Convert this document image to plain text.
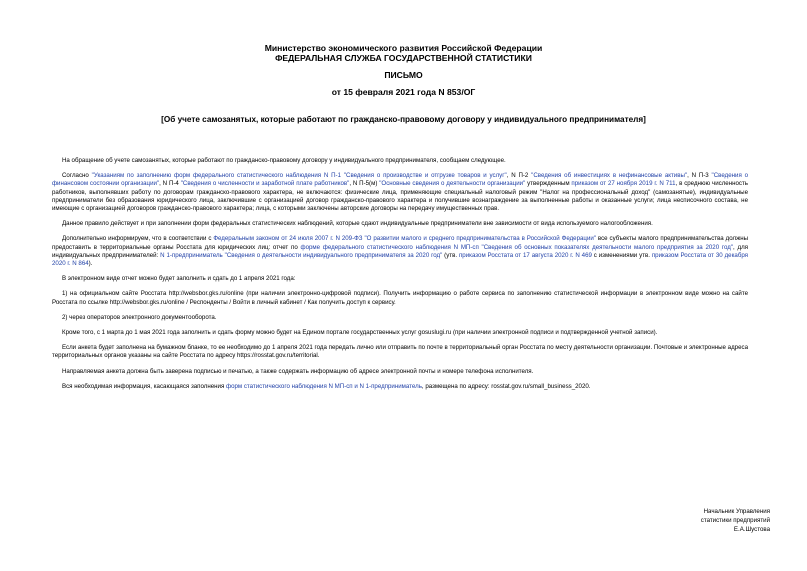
Министерство экономического развития Российской Федерации
ФЕДЕРАЛЬНАЯ СЛУЖБА ГОСУДАРСТВЕННОЙ СТАТИСТИКИ
ПИСЬМО
от 15 февраля 2021 года N 853/ОГ
[Об учете самозанятых, которые работают по гражданско-правовому договору у индивидуального предпринимателя]

На обращение об учете самозанятых, которые работают по гражданско-правовому договору у индивидуального предпринимателя, сообщаем следующее.

Согласно "Указаниям по заполнению форм федерального статистического наблюдения N П-1 "Сведения о производстве и отгрузке товаров и услуг", N П-2 "Сведения об инвестициях в нефинансовые активы", N П-3 "Сведения о финансовом состоянии организации", N П-4 "Сведения о численности и заработной плате работников", N П-5(м) "Основные сведения о деятельности организации" утвержденным приказом от 27 ноября 2019 г. N 711, в среднюю численность работников, выполнявших работу по договорам гражданско-правового характера, не включаются: физические лица, применяющие специальный налоговый режим "Налог на профессиональный доход" (самозанятые), индивидуальные предприниматели без образования юридического лица, заключившие с организацией договор гражданско-правового характера и получившие вознаграждение за выполненные работы и оказанные услуги; лица несписочного состава, не имеющие с организацией договоров гражданско-правового характера; лица, с которыми заключены авторские договоры на передачу имущественных прав.

Данное правило действует и при заполнении форм федеральных статистических наблюдений, которые сдают индивидуальные предприниматели вне зависимости от вида используемого налогообложения.

Дополнительно информируем, что в соответствии с Федеральным законом от 24 июля 2007 г. N 209-ФЗ "О развитии малого и среднего предпринимательства в Российской Федерации" все субъекты малого предпринимательства должны предоставить в территориальные органы Росстата для юридических лиц: отчет по форме федерального статистического наблюдения N МП-сп "Сведения об основных показателях деятельности малого предприятия за 2020 год", для индивидуальных предпринимателей: N 1-предприниматель "Сведения о деятельности индивидуального предпринимателя за 2020 год" (утв. приказом Росстата от 17 августа 2020 г. N 469 с изменениями утв. приказом Росстата от 30 декабря 2020 г. N 864).

В электронном виде отчет можно будет заполнить и сдать до 1 апреля 2021 года:

1) на официальном сайте Росстата http://websbor.gks.ru/online (при наличии электронно-цифровой подписи). Получить информацию о работе сервиса по заполнению статистической информации в электронном виде можно на сайте Росстата по ссылке http://websbor.gks.ru/online / Респонденты / Войти в личный кабинет / Как получить доступ к сервису.

2) через операторов электронного документооборота.

Кроме того, с 1 марта до 1 мая 2021 года заполнить и сдать форму можно будет на Едином портале государственных услуг gosuslugi.ru (при наличии электронной подписи и подтвержденной учетной записи).

Если анкета будет заполнена на бумажном бланке, то ее необходимо до 1 апреля 2021 года передать лично или отправить по почте в территориальный орган Росстата по месту деятельности организации. Почтовые и электронные адреса территориальных органов указаны на сайте Росстата по адресу https://rosstat.gov.ru/territorial.

Направляемая анкета должна быть заверена подписью и печатью, а также содержать информацию об адресе электронной почты и номере телефона исполнителя.

Вся необходимая информация, касающаяся заполнения форм статистического наблюдения N МП-сп и N 1-предприниматель, размещена по адресу: rosstat.gov.ru/small_business_2020.

Начальник Управления
статистики предприятий
Е.А.Шустова
